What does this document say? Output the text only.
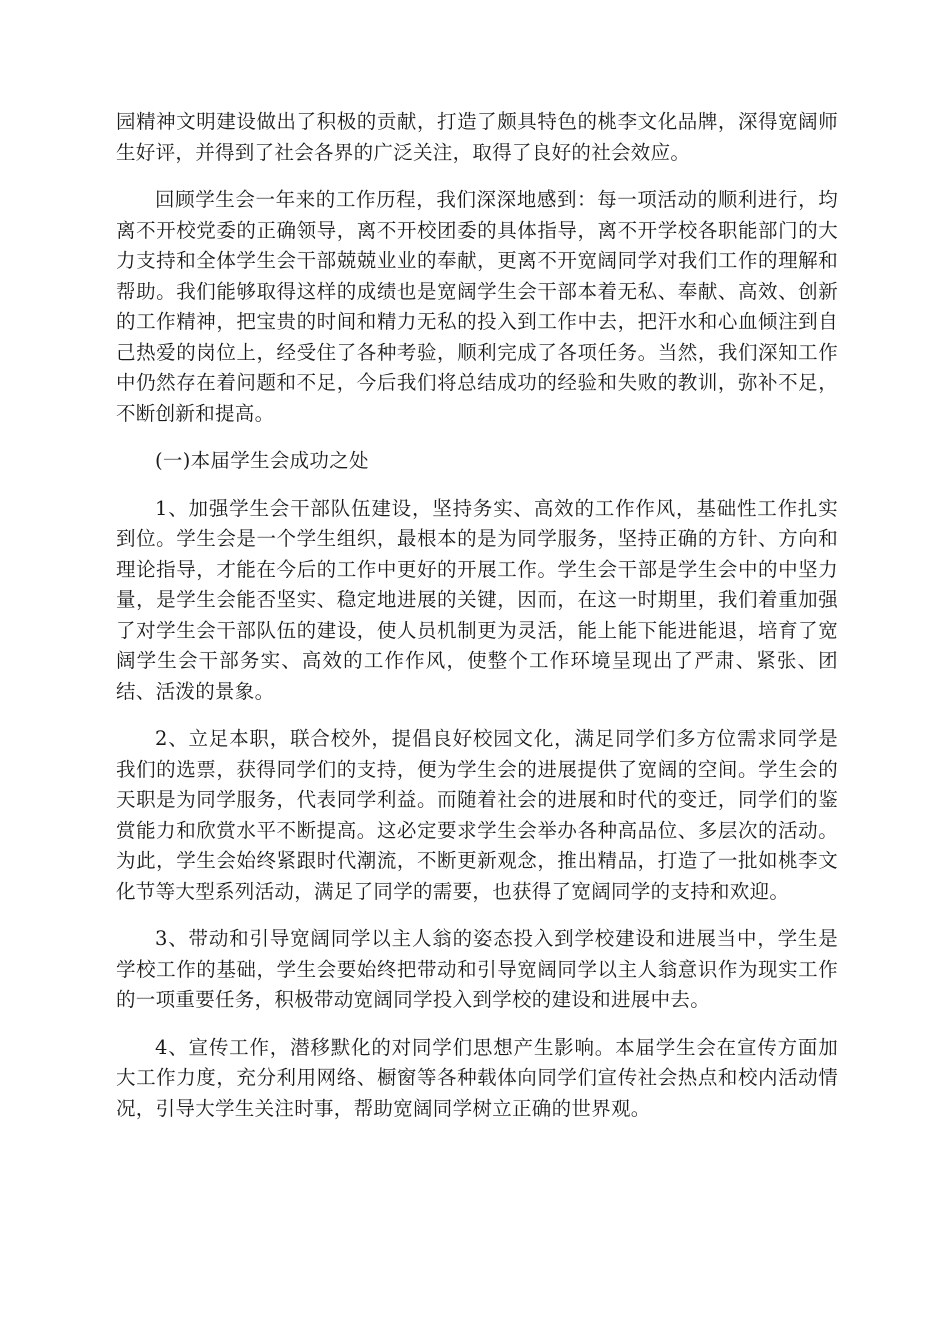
园精神文明建设做出了积极的贡献，打造了颇具特色的桃李文化品牌，深得宽阔师生好评，并得到了社会各界的广泛关注，取得了良好的社会效应。

回顾学生会一年来的工作历程，我们深深地感到：每一项活动的顺利进行，均离不开校党委的正确领导，离不开校团委的具体指导，离不开学校各职能部门的大力支持和全体学生会干部兢兢业业的奉献，更离不开宽阔同学对我们工作的理解和帮助。我们能够取得这样的成绩也是宽阔学生会干部本着无私、奉献、高效、创新的工作精神，把宝贵的时间和精力无私的投入到工作中去，把汗水和心血倾注到自己热爱的岗位上，经受住了各种考验，顺利完成了各项任务。当然，我们深知工作中仍然存在着问题和不足，今后我们将总结成功的经验和失败的教训，弥补不足，不断创新和提高。

(一)本届学生会成功之处

1、加强学生会干部队伍建设，坚持务实、高效的工作作风，基础性工作扎实到位。学生会是一个学生组织，最根本的是为同学服务，坚持正确的方针、方向和理论指导，才能在今后的工作中更好的开展工作。学生会干部是学生会中的中坚力量，是学生会能否坚实、稳定地进展的关键，因而，在这一时期里，我们着重加强了对学生会干部队伍的建设，使人员机制更为灵活，能上能下能进能退，培育了宽阔学生会干部务实、高效的工作作风，使整个工作环境呈现出了严肃、紧张、团结、活泼的景象。

2、立足本职，联合校外，提倡良好校园文化，满足同学们多方位需求同学是我们的选票，获得同学们的支持，便为学生会的进展提供了宽阔的空间。学生会的天职是为同学服务，代表同学利益。而随着社会的进展和时代的变迁，同学们的鉴赏能力和欣赏水平不断提高。这必定要求学生会举办各种高品位、多层次的活动。为此，学生会始终紧跟时代潮流，不断更新观念，推出精品，打造了一批如桃李文化节等大型系列活动，满足了同学的需要，也获得了宽阔同学的支持和欢迎。

3、带动和引导宽阔同学以主人翁的姿态投入到学校建设和进展当中，学生是学校工作的基础，学生会要始终把带动和引导宽阔同学以主人翁意识作为现实工作的一项重要任务，积极带动宽阔同学投入到学校的建设和进展中去。

4、宣传工作，潜移默化的对同学们思想产生影响。本届学生会在宣传方面加大工作力度，充分利用网络、橱窗等各种载体向同学们宣传社会热点和校内活动情况，引导大学生关注时事，帮助宽阔同学树立正确的世界观。
